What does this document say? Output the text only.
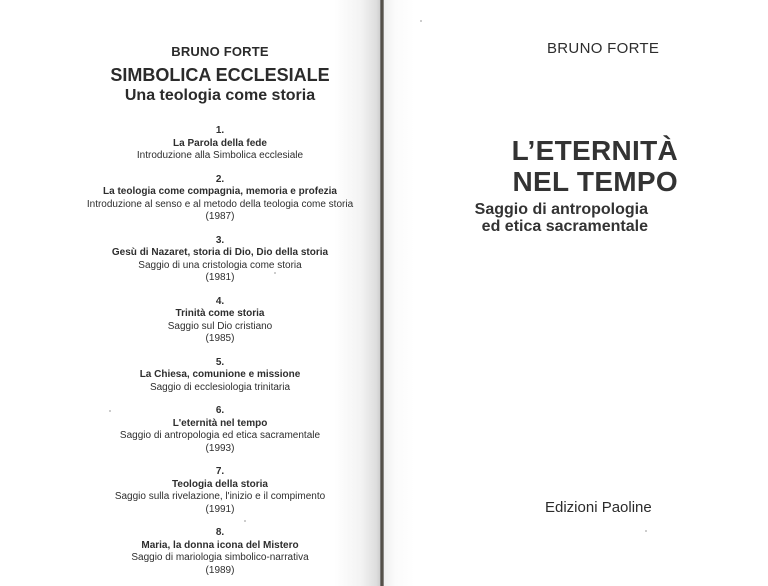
BRUNO FORTE

SIMBOLICA ECCLESIALE

Una teologia come storia

1.
La Parola della fede
Introduzione alla Simbolica ecclesiale
2.
La teologia come compagnia, memoria e profezia
Introduzione al senso e al metodo della teologia come storia
(1987)
3.
Gesù di Nazaret, storia di Dio, Dio della storia
Saggio di una cristologia come storia
(1981)
4.
Trinità come storia
Saggio sul Dio cristiano
(1985)
5.
La Chiesa, comunione e missione
Saggio di ecclesiologia trinitaria
6.
L'eternità nel tempo
Saggio di antropologia ed etica sacramentale
(1993)
7.
Teologia della storia
Saggio sulla rivelazione, l'inizio e il compimento
(1991)
8.
Maria, la donna icona del Mistero
Saggio di mariologia simbolico-narrativa
(1989)

BRUNO FORTE

L’ETERNITÀ
NEL TEMPO
Saggio di antropologia
ed etica sacramentale

Edizioni Paoline
